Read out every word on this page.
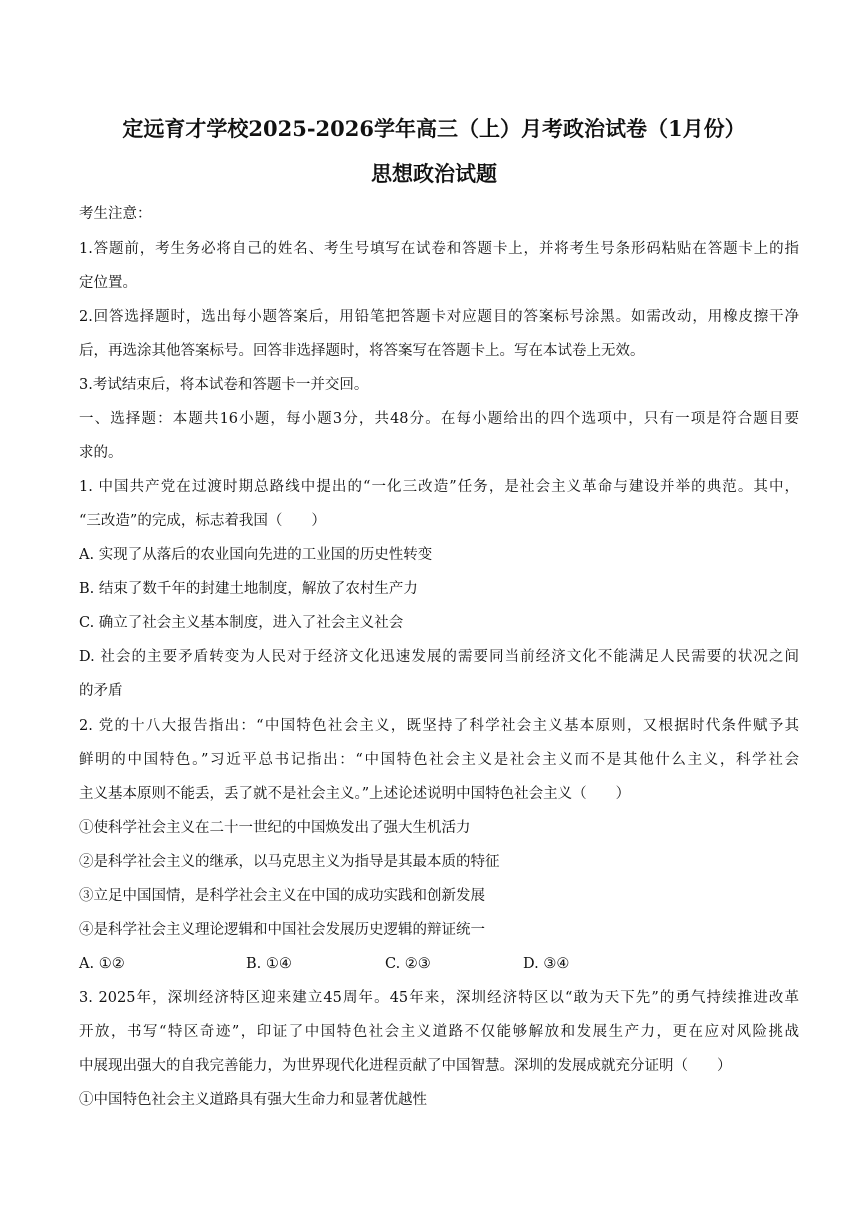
定远育才学校2025-2026学年高三（上）月考政治试卷（1月份）
思想政治试题
考生注意：
1.答题前，考生务必将自己的姓名、考生号填写在试卷和答题卡上，并将考生号条形码粘贴在答题卡上的指
定位置。
2.回答选择题时，选出每小题答案后，用铅笔把答题卡对应题目的答案标号涂黑。如需改动，用橡皮擦干净
后，再选涂其他答案标号。回答非选择题时，将答案写在答题卡上。写在本试卷上无效。
3.考试结束后，将本试卷和答题卡一并交回。
一、选择题：本题共16小题，每小题3分，共48分。在每小题给出的四个选项中，只有一项是符合题目要
求的。
1. 中国共产党在过渡时期总路线中提出的“一化三改造”任务，是社会主义革命与建设并举的典范。其中，
“三改造”的完成，标志着我国（　　）
A. 实现了从落后的农业国向先进的工业国的历史性转变
B. 结束了数千年的封建土地制度，解放了农村生产力
C. 确立了社会主义基本制度，进入了社会主义社会
D. 社会的主要矛盾转变为人民对于经济文化迅速发展的需要同当前经济文化不能满足人民需要的状况之间
的矛盾
2. 党的十八大报告指出：“中国特色社会主义，既坚持了科学社会主义基本原则，又根据时代条件赋予其
鲜明的中国特色。”习近平总书记指出：“中国特色社会主义是社会主义而不是其他什么主义，科学社会
主义基本原则不能丢，丢了就不是社会主义。”上述论述说明中国特色社会主义（　　）
①使科学社会主义在二十一世纪的中国焕发出了强大生机活力
②是科学社会主义的继承，以马克思主义为指导是其最本质的特征
③立足中国国情，是科学社会主义在中国的成功实践和创新发展
④是科学社会主义理论逻辑和中国社会发展历史逻辑的辩证统一
A. ①②	B. ①④	C. ②③	D. ③④
3. 2025年，深圳经济特区迎来建立45周年。45年来，深圳经济特区以“敢为天下先”的勇气持续推进改革
开放，书写“特区奇迹”，印证了中国特色社会主义道路不仅能够解放和发展生产力，更在应对风险挑战
中展现出强大的自我完善能力，为世界现代化进程贡献了中国智慧。深圳的发展成就充分证明（　　）
①中国特色社会主义道路具有强大生命力和显著优越性
